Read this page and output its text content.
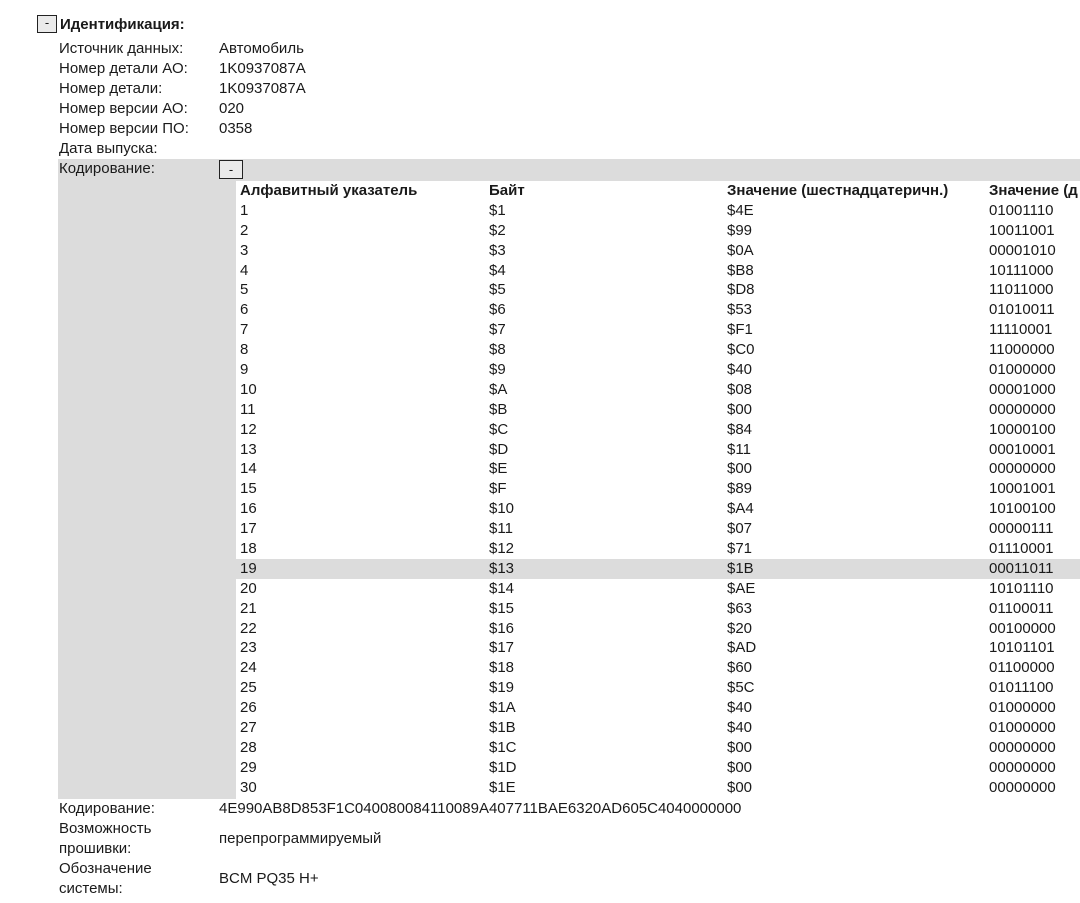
- Идентификация:
Источник данных: Автомобиль
Номер детали АО: 1K0937087A
Номер детали:	1K0937087A
Номер версии АО: 020
Номер версии ПО: 0358
Дата выпуска:
Кодирование:	-
Алфавитный указатель	Байт	Значение (шестнадцатеричн.)	Значение (д
1	$1	$4E	01001110
2	$2	$99	10011001
3	$3	$0A	00001010
4	$4	$B8	10111000
5	$5	$D8	11011000
6	$6	$53	01010011
7	$7	$F1	11110001
8	$8	$C0	11000000
9	$9	$40	01000000
10	$A	$08	00001000
11	$B	$00	00000000
12	$C	$84	10000100
13	$D	$11	00010001
14	$E	$00	00000000
15	$F	$89	10001001
16	$10	$A4	10100100
17	$11	$07	00000111
18	$12	$71	01110001
19	$13	$1B	00011011
20	$14	$AE	10101110
21	$15	$63	01100011
22	$16	$20	00100000
23	$17	$AD	10101101
24	$18	$60	01100000
25	$19	$5C	01011100
26	$1A	$40	01000000
27	$1B	$40	01000000
28	$1C	$00	00000000
29	$1D	$00	00000000
30	$1E	$00	00000000
Кодирование:	4E990AB8D853F1C040080084110089A407711BAE6320AD605C4040000000
Возможность
прошивки:
перепрограммируемый
Обозначение
системы:
BCM PQ35 H+
